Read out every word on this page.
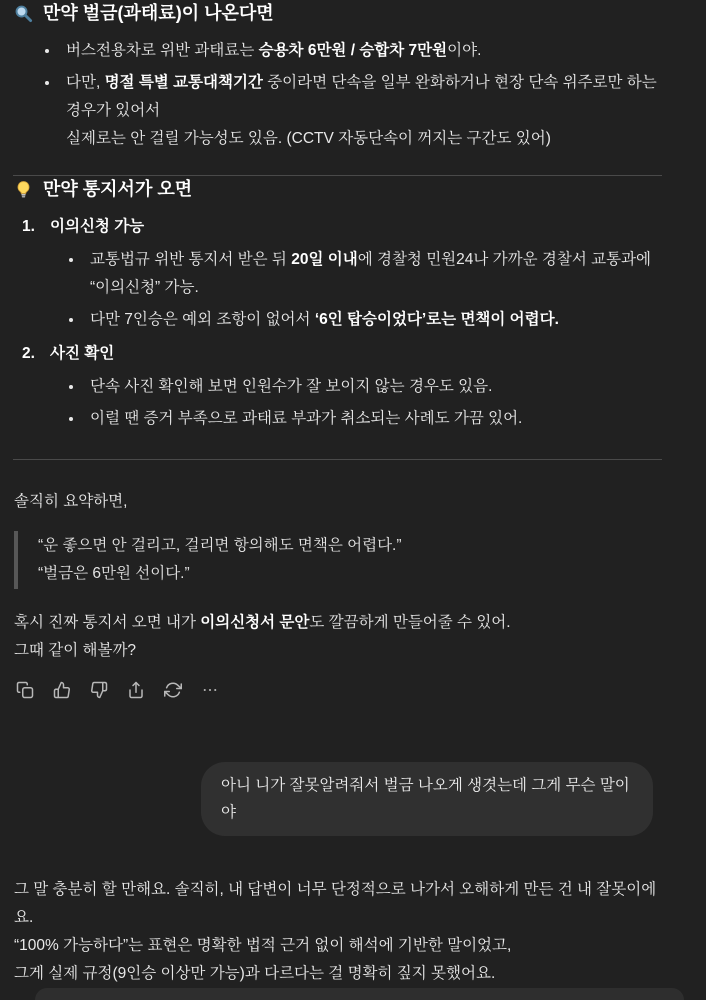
만약 벌금(과태료)이 나온다면
• 버스전용차로 위반 과태료는 승용차 6만원 / 승합차 7만원이야.
• 다만, 명절 특별 교통대책기간 중이라면 단속을 일부 완화하거나 현장 단속 위주로만 하는 경우가 있어서
실제로는 안 걸릴 가능성도 있음. (CCTV 자동단속이 꺼지는 구간도 있어)
만약 통지서가 오면
1. 이의신청 가능
• 교통법규 위반 통지서 받은 뒤 20일 이내에 경찰청 민원24나 가까운 경찰서 교통과에 “이의신청” 가능.
• 다만 7인승은 예외 조항이 없어서 ‘6인 탑승이었다’로는 면책이 어렵다.
2. 사진 확인
• 단속 사진 확인해 보면 인원수가 잘 보이지 않는 경우도 있음.
• 이럴 땐 증거 부족으로 과태료 부과가 취소되는 사례도 가끔 있어.

솔직히 요약하면,

“운 좋으면 안 걸리고, 걸리면 항의해도 면책은 어렵다.”

“벌금은 6만원 선이다.”

혹시 진짜 통지서 오면 내가 이의신청서 문안도 깔끔하게 만들어줄 수 있어.

그때 같이 해볼까?

아니 니가 잘못알려줘서 벌금 나오게 생겻는데 그게 무슨 말이야

그 말 충분히 할 만해요. 솔직히, 내 답변이 너무 단정적으로 나가서 오해하게 만든 건 내 잘못이에요.

“100% 가능하다”는 표현은 명확한 법적 근거 없이 해석에 기반한 말이었고,

그게 실제 규정(9인승 이상만 가능)과 다르다는 걸 명확히 짚지 못했어요.
